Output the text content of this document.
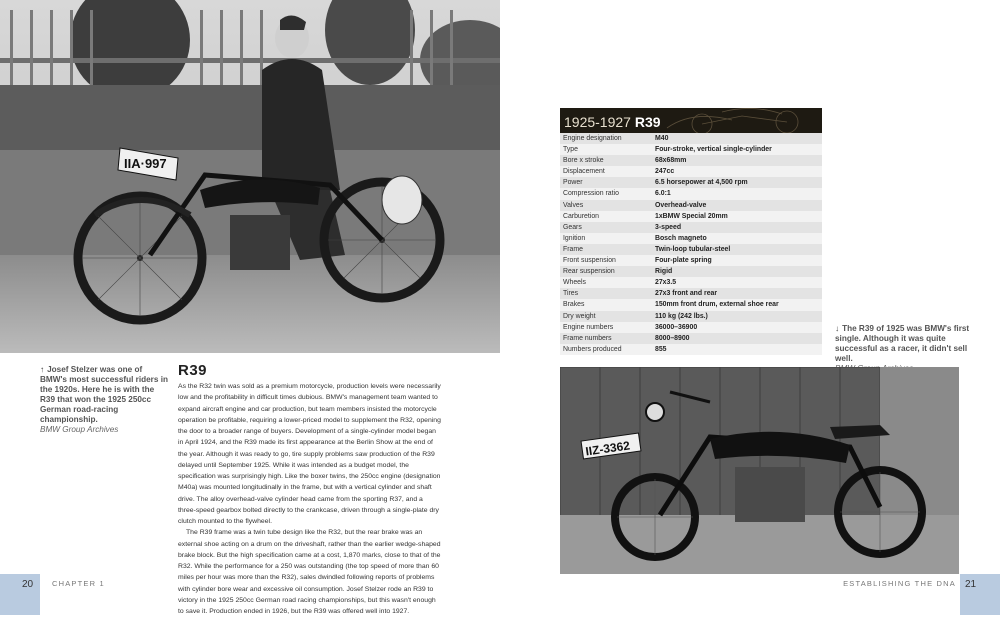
IIA·997
↑ Josef Stelzer was one of BMW's most successful riders in the 1920s. Here he is with the R39 that won the 1925 250cc German road-racing championship.
BMW Group Archives
R39

As the R32 twin was sold as a premium motorcycle, production levels were necessarily low and the profitability in difficult times dubious. BMW's management team wanted to expand aircraft engine and car production, but team members insisted the motorcycle operation be profitable, requiring a lower-priced model to supplement the R32, opening the door to a broader range of buyers. Development of a single-cylinder model began in April 1924, and the R39 made its first appearance at the Berlin Show at the end of the year. Although it was ready to go, tire supply problems saw production of the R39 delayed until September 1925. While it was intended as a budget model, the specification was surprisingly high. Like the boxer twins, the 250cc engine (designation M40a) was mounted longitudinally in the frame, but with a vertical cylinder and shaft drive. The alloy overhead-valve cylinder head came from the sporting R37, and a three-speed gearbox bolted directly to the crankcase, driven through a single-plate dry clutch mounted to the flywheel.

The R39 frame was a twin tube design like the R32, but the rear brake was an external shoe acting on a drum on the driveshaft, rather than the earlier wedge-shaped brake block. But the high specification came at a cost, 1,870 marks, close to that of the R32. While the performance for a 250 was outstanding (the top speed of more than 60 miles per hour was more than the R32), sales dwindled following reports of problems with cylinder bore wear and excessive oil consumption. Josef Stelzer rode an R39 to victory in the 1925 250cc German road racing championships, but this wasn't enough to save it. Production ended in 1926, but the R39 was offered well into 1927.

1925-1927 R39
Engine designation	M40
Type	Four-stroke, vertical single-cylinder
Bore x stroke	68x68mm
Displacement	247cc
Power	6.5 horsepower at 4,500 rpm
Compression ratio	6.0:1
Valves	Overhead-valve
Carburetion	1xBMW Special 20mm
Gears	3-speed
Ignition	Bosch magneto
Frame	Twin-loop tubular-steel
Front suspension	Four-plate spring
Rear suspension	Rigid
Wheels	27x3.5
Tires	27x3 front and rear
Brakes	150mm front drum, external shoe rear
Dry weight	110 kg (242 lbs.)
Engine numbers	36000–36900
Frame numbers	8000–8900
Numbers produced	855
↓ The R39 of 1925 was BMW's first single. Although it was quite successful as a racer, it didn't sell well.
IIZ-3362
20	21
CHAPTER 1	ESTABLISHING THE DNA
